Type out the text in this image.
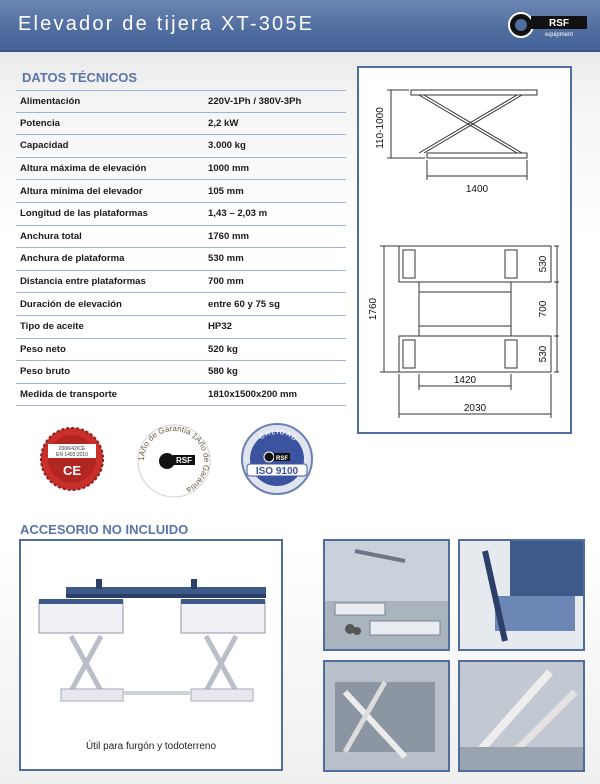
Elevador de tijera XT-305E	RSF
equipment
DATOS TÉCNICOS
Alimentación	220V-1Ph / 380V-3Ph
Potencia	2,2 kW
Capacidad	3.000 kg
Altura máxima de elevación	1000 mm
Altura mínima del elevador	105 mm
Longitud de las plataformas	1,43 – 2,03 m
Anchura total	1760 mm
Anchura de plataforma	530 mm
Distancia entre plataformas	700 mm
Duración de elevación	entre 60 y 75 sg
Tipo de aceite	HP32
Peso neto	520 kg
Peso bruto	580 kg
Medida de transporte	1810x1500x200 mm
110-1000
1400
1760
530
700
530
1420
2030
2006/42/CE
EN 1493:2010
CE
1Año de Garantía 1Año de Garantía
RSF
CALIDAD
RSF
ISO 9100
ACCESORIO NO INCLUIDO
Útil para furgón y todoterreno
